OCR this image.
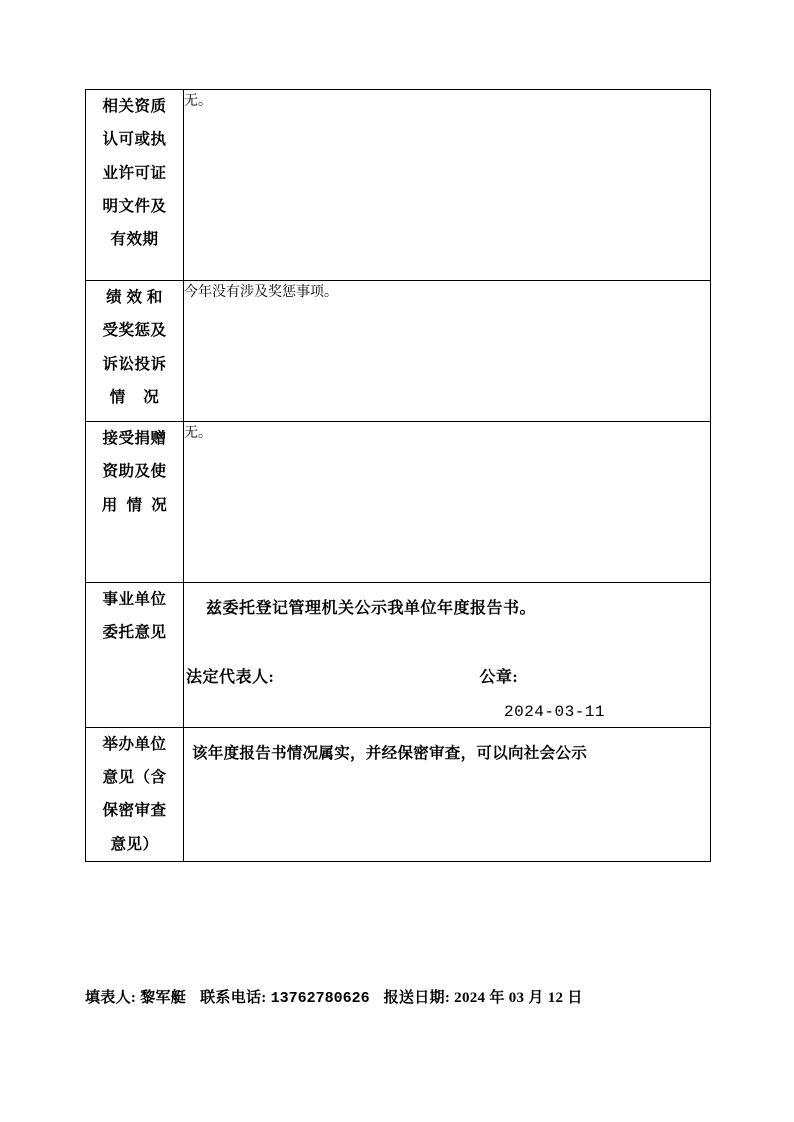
相关资质
认可或执
业许可证
明文件及
有效期	无。

绩 效 和
受奖惩及
诉讼投诉
情    况	今年没有涉及奖惩事项。

接受捐赠
资助及使
用  情  况	无。

事业单位
委托意见

兹委托登记管理机关公示我单位年度报告书。
法定代表人:	公章:
2024-03-11

举办单位
意见（含
保密审查
意见）	该年度报告书情况属实，并经保密审查，可以向社会公示
填表人: 黎军艇 联系电话: 13762780626 报送日期: 2024 年 03 月 12 日
